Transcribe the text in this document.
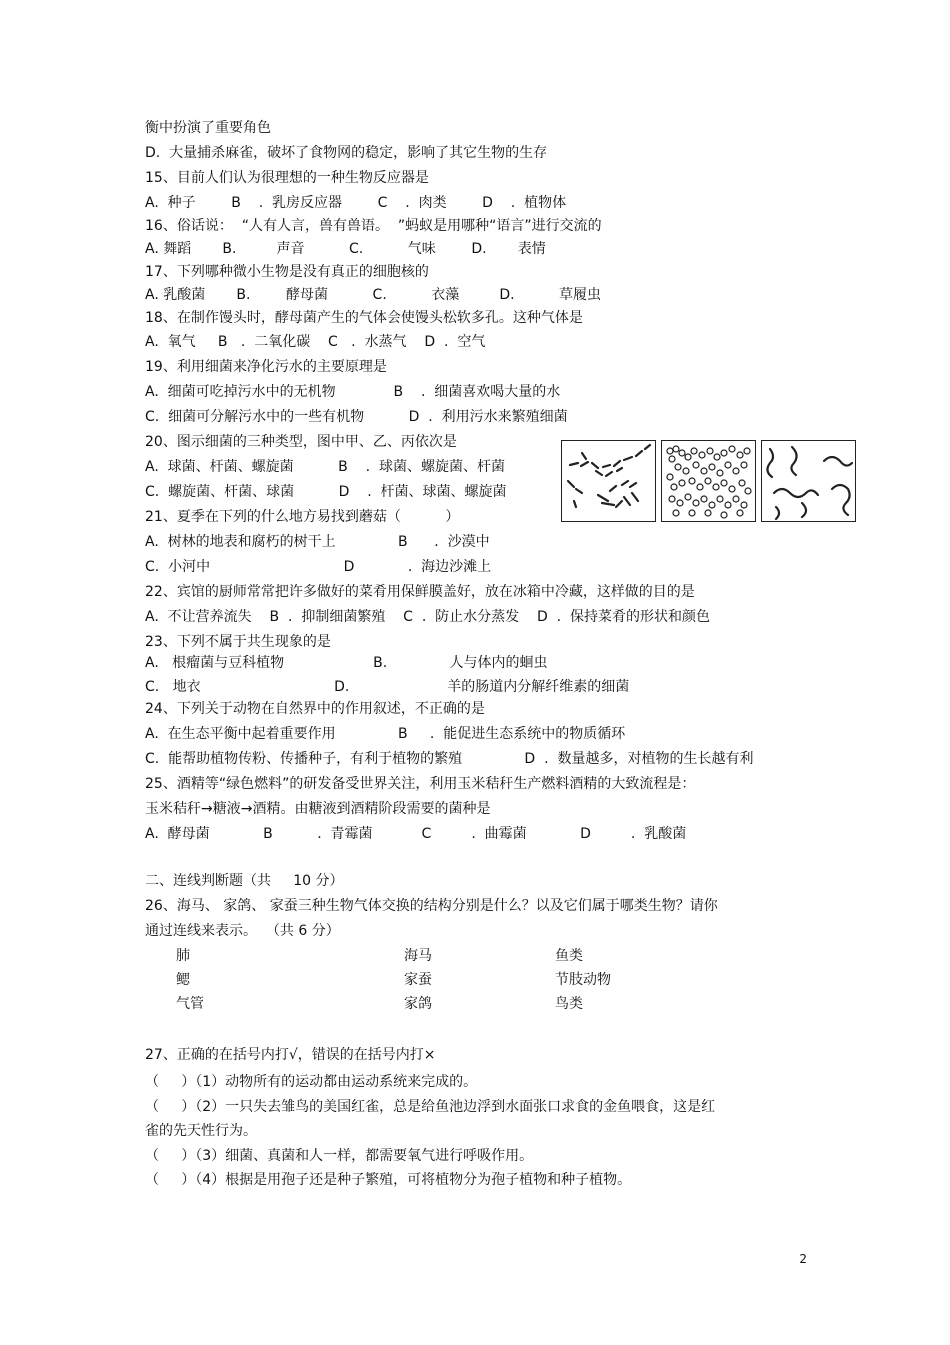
衡中扮演了重要角色
D.  大量捕杀麻雀，破坏了食物网的稳定，影响了其它生物的生存
15、目前人们认为很理想的一种生物反应器是
A.  种子        B    .  乳房反应器        C    .  肉类        D    .  植物体
16、俗话说：  “人有人言，兽有兽语。  ”蚂蚁是用哪种“语言”进行交流的
A. 舞蹈       B.         声音          C.          气味        D.       表情
17、下列哪种微小生物是没有真正的细胞核的
A. 乳酸菌       B.        酵母菌          C.          衣藻         D.          草履虫
18、在制作馒头时，酵母菌产生的气体会使馒头松软多孔。这种气体是
A.  氧气     B   .  二氧化碳    C   .  水蒸气    D  .  空气
19、利用细菌来净化污水的主要原理是
A.  细菌可吃掉污水中的无机物             B    .  细菌喜欢喝大量的水
C.  细菌可分解污水中的一些有机物          D  .  利用污水来繁殖细菌
20、图示细菌的三种类型，图中甲、乙、丙依次是
A.  球菌、杆菌、螺旋菌          B    .  球菌、螺旋菌、杆菌
C.  螺旋菌、杆菌、球菌          D    .  杆菌、球菌、螺旋菌
21、夏季在下列的什么地方易找到蘑菇（          ）
A.  树林的地表和腐朽的树干上              B      .  沙漠中
C.  小河中                              D            .  海边沙滩上
22、宾馆的厨师常常把许多做好的菜肴用保鲜膜盖好，放在冰箱中冷藏，这样做的目的是
A.  不让营养流失    B  .  抑制细菌繁殖    C  .  防止水分蒸发    D  .  保持菜肴的形状和颜色
23、下列不属于共生现象的是
A.   根瘤菌与豆科植物                    B.              人与体内的蛔虫
C.   地衣                              D.                      羊的肠道内分解纤维素的细菌
24、下列关于动物在自然界中的作用叙述，不正确的是
A.  在生态平衡中起着重要作用              B     .  能促进生态系统中的物质循环
C.  能帮助植物传粉、传播种子，有利于植物的繁殖              D  .  数量越多，对植物的生长越有利
25、酒精等“绿色燃料”的研发备受世界关注，利用玉米秸秆生产燃料酒精的大致流程是：
玉米秸秆→糖液→酒精。由糖液到酒精阶段需要的菌种是
A.  酵母菌            B          .  青霉菌           C         .  曲霉菌            D         .  乳酸菌
二、连线判断题（共     10 分）
26、海马、 家鸽、 家蚕三种生物气体交换的结构分别是什么？以及它们属于哪类生物？请你
通过连线来表示。  （共 6 分）
肺
鳃
气管
海马
家蚕
家鸽
鱼类
节肢动物
鸟类
27、正确的在括号内打√，错误的在括号内打×
（     ）（1）动物所有的运动都由运动系统来完成的。
（     ）（2）一只失去雏鸟的美国红雀，总是给鱼池边浮到水面张口求食的金鱼喂食，这是红
雀的先天性行为。
（     ）（3）细菌、真菌和人一样，都需要氧气进行呼吸作用。
（     ）（4）根据是用孢子还是种子繁殖，可将植物分为孢子植物和种子植物。
2
